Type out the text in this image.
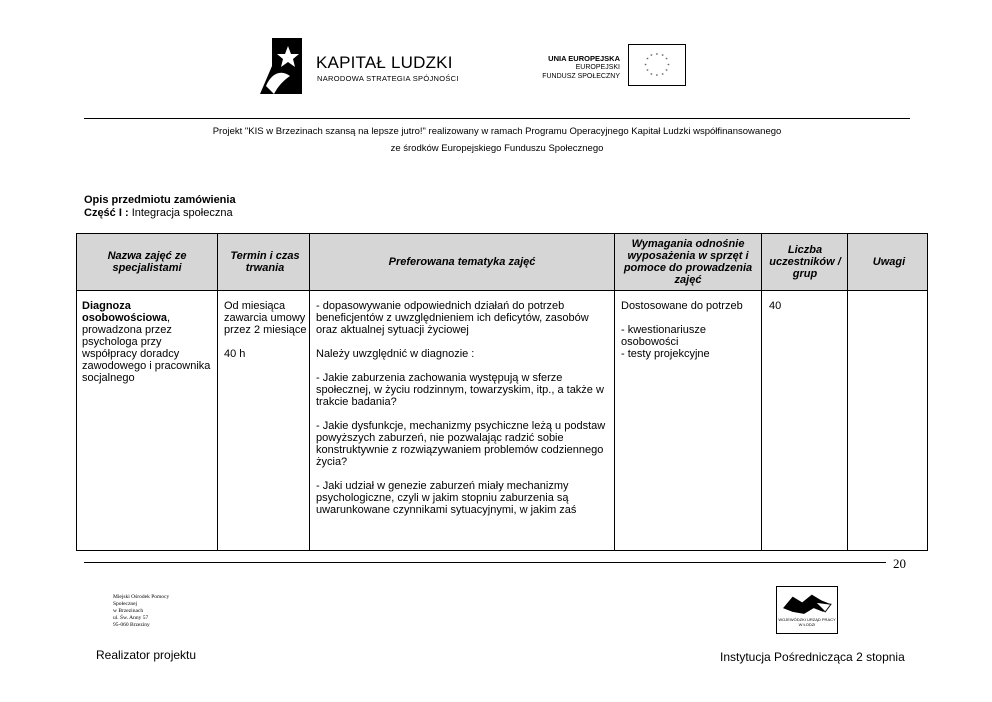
KAPITAŁ LUDZKI
NARODOWA STRATEGIA SPÓJNOŚCI
UNIA EUROPEJSKA
EUROPEJSKI
FUNDUSZ SPOŁECZNY
* *
*
*
*
*
*
*
*
*
*
*
Projekt "KIS w Brzezinach szansą na lepsze jutro!" realizowany w ramach Programu Operacyjnego Kapitał Ludzki współfinansowanego
ze środków Europejskiego Funduszu Społecznego
Opis przedmiotu zamówienia
Część I : Integracja społeczna
Nazwa zajęć ze specjalistami
Termin i czas trwania	Preferowana tematyka zajęć
Wymagania odnośnie wyposażenia w sprzęt i pomoce do prowadzenia zajęć
Liczba uczestników / grup
Uwagi
Diagnoza osobowościowa, prowadzona przez psychologa przy współpracy doradcy zawodowego i pracownika socjalnego

Od miesiąca zawarcia umowy przez 2 miesiące

40 h

- dopasowywanie odpowiednich działań do potrzeb beneficjentów z uwzględnieniem ich deficytów, zasobów oraz aktualnej sytuacji życiowej

Należy uwzględnić w diagnozie :

- Jakie zaburzenia zachowania występują w sferze społecznej, w życiu rodzinnym, towarzyskim, itp., a także w trakcie badania?

- Jakie dysfunkcje, mechanizmy psychiczne leżą u podstaw powyższych zaburzeń, nie pozwalając radzić sobie konstruktywnie z rozwiązywaniem problemów codziennego życia?

- Jaki udział w genezie zaburzeń miały mechanizmy psychologiczne, czyli w jakim stopniu zaburzenia są uwarunkowane czynnikami sytuacyjnymi, w jakim zaś

Dostosowane do potrzeb

- kwestionariusze osobowości
- testy projekcyjne
40
20
Miejski Ośrodek Pomocy
Społecznej
w Brzezinach
ul. Św. Anny 57
95-060 Brzeziny
WOJEWÓDZKI URZĄD PRACY W ŁODZI
Realizator projektu	Instytucja Pośrednicząca 2 stopnia
